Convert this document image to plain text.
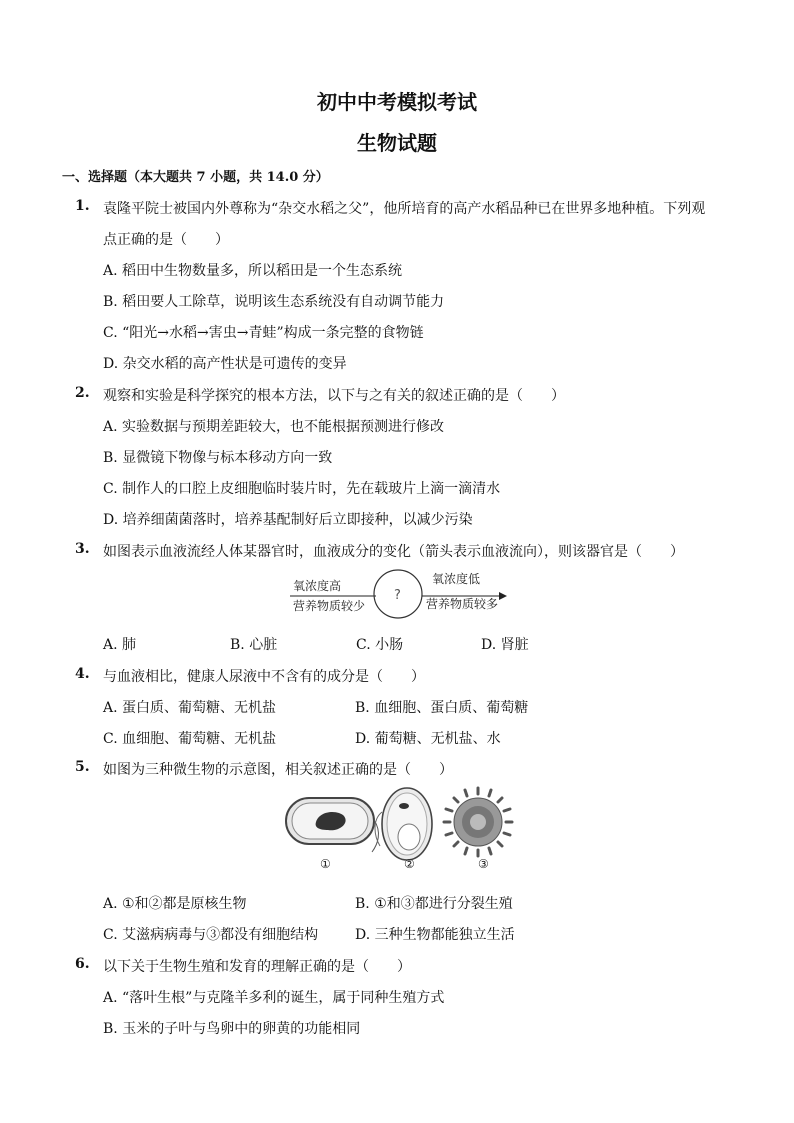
初中中考模拟考试
生物试题
一、选择题（本大题共 7 小题，共 14.0 分）
1. 袁隆平院士被国内外尊称为“杂交水稻之父”，他所培育的高产水稻品种已在世界多地种植。下列观
点正确的是（　　）
A. 稻田中生物数量多，所以稻田是一个生态系统
B. 稻田要人工除草，说明该生态系统没有自动调节能力
C. “阳光→水稻→害虫→青蛙”构成一条完整的食物链
D. 杂交水稻的高产性状是可遗传的变异
2. 观察和实验是科学探究的根本方法，以下与之有关的叙述正确的是（　　）
A. 实验数据与预期差距较大，也不能根据预测进行修改
B. 显微镜下物像与标本移动方向一致
C. 制作人的口腔上皮细胞临时装片时，先在载玻片上滴一滴清水
D. 培养细菌菌落时，培养基配制好后立即接种，以减少污染
3. 如图表示血液流经人体某器官时，血液成分的变化（箭头表示血液流向），则该器官是（　　）
氧浓度高
营养物质较少
?
氧浓度低
营养物质较多
A. 肺	B. 心脏	C. 小肠	D. 肾脏
4. 与血液相比，健康人尿液中不含有的成分是（　　）
A. 蛋白质、葡萄糖、无机盐	B. 血细胞、蛋白质、葡萄糖
C. 血细胞、葡萄糖、无机盐	D. 葡萄糖、无机盐、水
5. 如图为三种微生物的示意图，相关叙述正确的是（　　）
①	②	③
A. ①和②都是原核生物	B. ①和③都进行分裂生殖
C. 艾滋病病毒与③都没有细胞结构	D. 三种生物都能独立生活
6. 以下关于生物生殖和发育的理解正确的是（　　）
A. “落叶生根”与克隆羊多利的诞生，属于同种生殖方式
B. 玉米的子叶与鸟卵中的卵黄的功能相同
